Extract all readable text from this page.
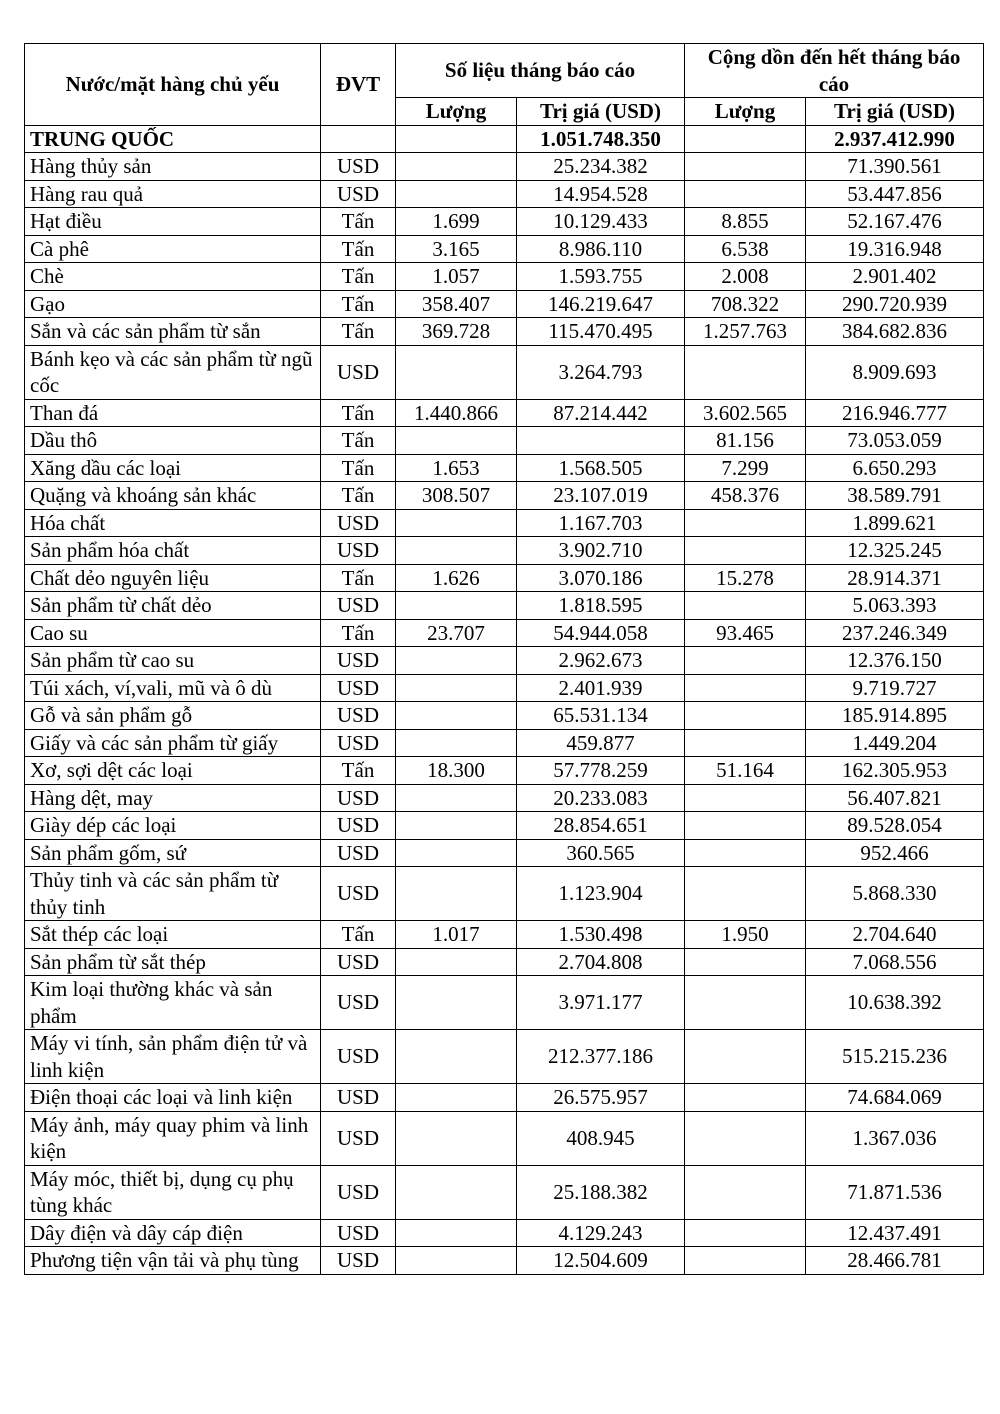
Nước/mặt hàng chủ yếu	ĐVT	Số liệu tháng báo cáo		Cộng dồn đến hết tháng báo cáo	
		Lượng	Trị giá (USD)	Lượng	Trị giá (USD)
TRUNG QUỐC			1.051.748.350		2.937.412.990
Hàng thủy sản	USD		25.234.382		71.390.561
Hàng rau quả	USD		14.954.528		53.447.856
Hạt điều	Tấn	1.699	10.129.433	8.855	52.167.476
Cà phê	Tấn	3.165	8.986.110	6.538	19.316.948
Chè	Tấn	1.057	1.593.755	2.008	2.901.402
Gạo	Tấn	358.407	146.219.647	708.322	290.720.939
Sắn và các sản phẩm từ sắn	Tấn	369.728	115.470.495	1.257.763	384.682.836
Bánh kẹo và các sản phẩm từ ngũ cốc	USD		3.264.793		8.909.693
Than đá	Tấn	1.440.866	87.214.442	3.602.565	216.946.777
Dầu thô	Tấn			81.156	73.053.059
Xăng dầu các loại	Tấn	1.653	1.568.505	7.299	6.650.293
Quặng và khoáng sản khác	Tấn	308.507	23.107.019	458.376	38.589.791
Hóa chất	USD		1.167.703		1.899.621
Sản phẩm hóa chất	USD		3.902.710		12.325.245
Chất dẻo nguyên liệu	Tấn	1.626	3.070.186	15.278	28.914.371
Sản phẩm từ chất dẻo	USD		1.818.595		5.063.393
Cao su	Tấn	23.707	54.944.058	93.465	237.246.349
Sản phẩm từ cao su	USD		2.962.673		12.376.150
Túi xách, ví,vali, mũ và ô dù	USD		2.401.939		9.719.727
Gỗ và sản phẩm gỗ	USD		65.531.134		185.914.895
Giấy và các sản phẩm từ giấy	USD		459.877		1.449.204
Xơ, sợi dệt các loại	Tấn	18.300	57.778.259	51.164	162.305.953
Hàng dệt, may	USD		20.233.083		56.407.821
Giày dép các loại	USD		28.854.651		89.528.054
Sản phẩm gốm, sứ	USD		360.565		952.466
Thủy tinh và các sản phẩm từ thủy tinh	USD		1.123.904		5.868.330
Sắt thép các loại	Tấn	1.017	1.530.498	1.950	2.704.640
Sản phẩm từ sắt thép	USD		2.704.808		7.068.556
Kim loại thường khác và sản phẩm	USD		3.971.177		10.638.392
Máy vi tính, sản phẩm điện tử và linh kiện	USD		212.377.186		515.215.236
Điện thoại các loại và linh kiện	USD		26.575.957		74.684.069
Máy ảnh, máy quay phim và linh kiện	USD		408.945		1.367.036
Máy móc, thiết bị, dụng cụ phụ tùng khác	USD		25.188.382		71.871.536
Dây điện và dây cáp điện	USD		4.129.243		12.437.491
Phương tiện vận tải và phụ tùng	USD		12.504.609		28.466.781
